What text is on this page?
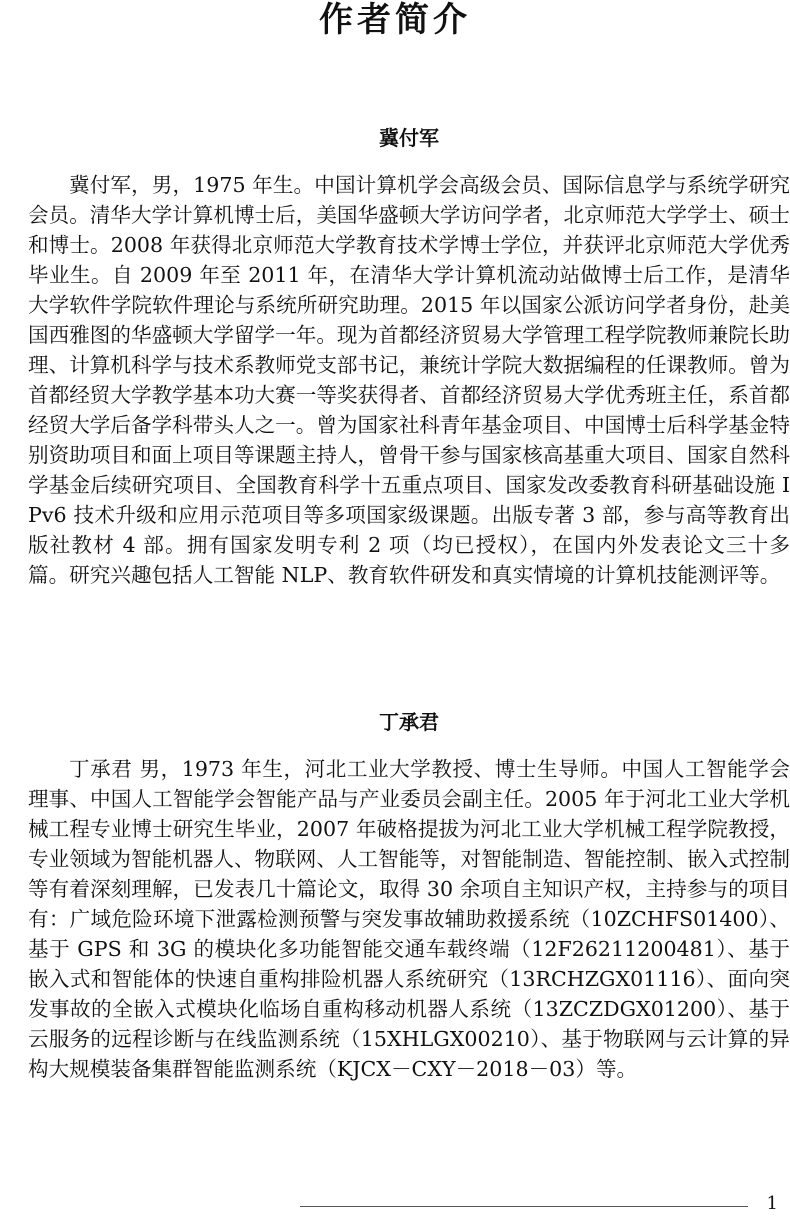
作者简介
冀付军

冀付军，男，1975 年生。中国计算机学会高级会员、国际信息学与系统学研究会员。清华大学计算机博士后，美国华盛顿大学访问学者，北京师范大学学士、硕士和博士。2008 年获得北京师范大学教育技术学博士学位，并获评北京师范大学优秀毕业生。自 2009 年至 2011 年，在清华大学计算机流动站做博士后工作，是清华大学软件学院软件理论与系统所研究助理。2015 年以国家公派访问学者身份，赴美国西雅图的华盛顿大学留学一年。现为首都经济贸易大学管理工程学院教师兼院长助理、计算机科学与技术系教师党支部书记，兼统计学院大数据编程的任课教师。曾为首都经贸大学教学基本功大赛一等奖获得者、首都经济贸易大学优秀班主任，系首都经贸大学后备学科带头人之一。曾为国家社科青年基金项目、中国博士后科学基金特别资助项目和面上项目等课题主持人，曾骨干参与国家核高基重大项目、国家自然科学基金后续研究项目、全国教育科学十五重点项目、国家发改委教育科研基础设施 IPv6 技术升级和应用示范项目等多项国家级课题。出版专著 3 部，参与高等教育出版社教材 4 部。拥有国家发明专利 2 项（均已授权），在国内外发表论文三十多篇。研究兴趣包括人工智能 NLP、教育软件研发和真实情境的计算机技能测评等。

丁承君

丁承君 男，1973 年生，河北工业大学教授、博士生导师。中国人工智能学会理事、中国人工智能学会智能产品与产业委员会副主任。2005 年于河北工业大学机械工程专业博士研究生毕业，2007 年破格提拔为河北工业大学机械工程学院教授，专业领域为智能机器人、物联网、人工智能等，对智能制造、智能控制、嵌入式控制等有着深刻理解，已发表几十篇论文，取得 30 余项自主知识产权，主持参与的项目有：广域危险环境下泄露检测预警与突发事故辅助救援系统（10ZCHFS01400）、基于 GPS 和 3G 的模块化多功能智能交通车载终端（12F26211200481）、基于嵌入式和智能体的快速自重构排险机器人系统研究（13RCHZGX01116）、面向突发事故的全嵌入式模块化临场自重构移动机器人系统（13ZCZDGX01200）、基于云服务的远程诊断与在线监测系统（15XHLGX00210）、基于物联网与云计算的异构大规模装备集群智能监测系统（KJCX－CXY－2018－03）等。

1
